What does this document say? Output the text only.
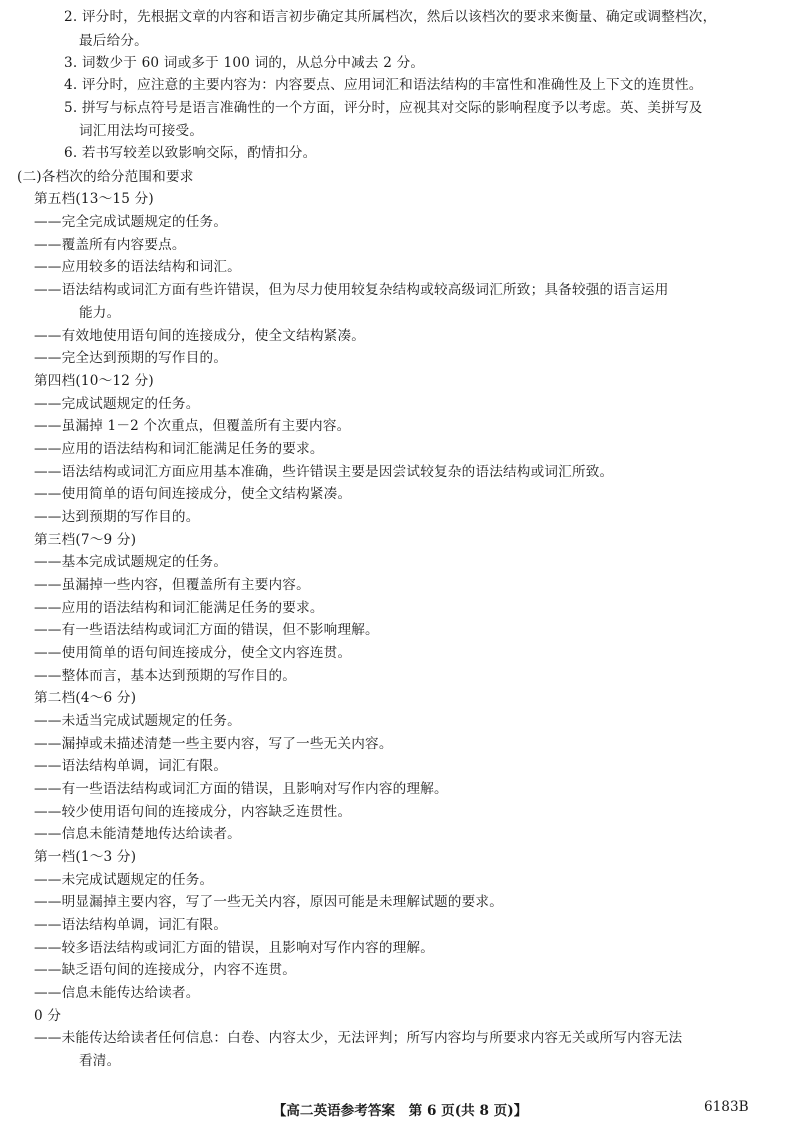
2. 评分时，先根据文章的内容和语言初步确定其所属档次，然后以该档次的要求来衡量、确定或调整档次，
最后给分。
3. 词数少于 60 词或多于 100 词的，从总分中减去 2 分。
4. 评分时，应注意的主要内容为：内容要点、应用词汇和语法结构的丰富性和准确性及上下文的连贯性。
5. 拼写与标点符号是语言准确性的一个方面，评分时，应视其对交际的影响程度予以考虑。英、美拼写及
词汇用法均可接受。
6. 若书写较差以致影响交际，酌情扣分。
(二)各档次的给分范围和要求
第五档(13～15 分)
——完全完成试题规定的任务。
——覆盖所有内容要点。
——应用较多的语法结构和词汇。
——语法结构或词汇方面有些许错误，但为尽力使用较复杂结构或较高级词汇所致；具备较强的语言运用
能力。
——有效地使用语句间的连接成分，使全文结构紧凑。
——完全达到预期的写作目的。
第四档(10～12 分)
——完成试题规定的任务。
——虽漏掉 1－2 个次重点，但覆盖所有主要内容。
——应用的语法结构和词汇能满足任务的要求。
——语法结构或词汇方面应用基本准确，些许错误主要是因尝试较复杂的语法结构或词汇所致。
——使用简单的语句间连接成分，使全文结构紧凑。
——达到预期的写作目的。
第三档(7～9 分)
——基本完成试题规定的任务。
——虽漏掉一些内容，但覆盖所有主要内容。
——应用的语法结构和词汇能满足任务的要求。
——有一些语法结构或词汇方面的错误，但不影响理解。
——使用简单的语句间连接成分，使全文内容连贯。
——整体而言，基本达到预期的写作目的。
第二档(4～6 分)
——未适当完成试题规定的任务。
——漏掉或未描述清楚一些主要内容，写了一些无关内容。
——语法结构单调，词汇有限。
——有一些语法结构或词汇方面的错误，且影响对写作内容的理解。
——较少使用语句间的连接成分，内容缺乏连贯性。
——信息未能清楚地传达给读者。
第一档(1～3 分)
——未完成试题规定的任务。
——明显漏掉主要内容，写了一些无关内容，原因可能是未理解试题的要求。
——语法结构单调，词汇有限。
——较多语法结构或词汇方面的错误，且影响对写作内容的理解。
——缺乏语句间的连接成分，内容不连贯。
——信息未能传达给读者。
0 分
——未能传达给读者任何信息：白卷、内容太少，无法评判；所写内容均与所要求内容无关或所写内容无法
看清。
【高二英语参考答案　第 6 页(共 8 页)】	6183B
